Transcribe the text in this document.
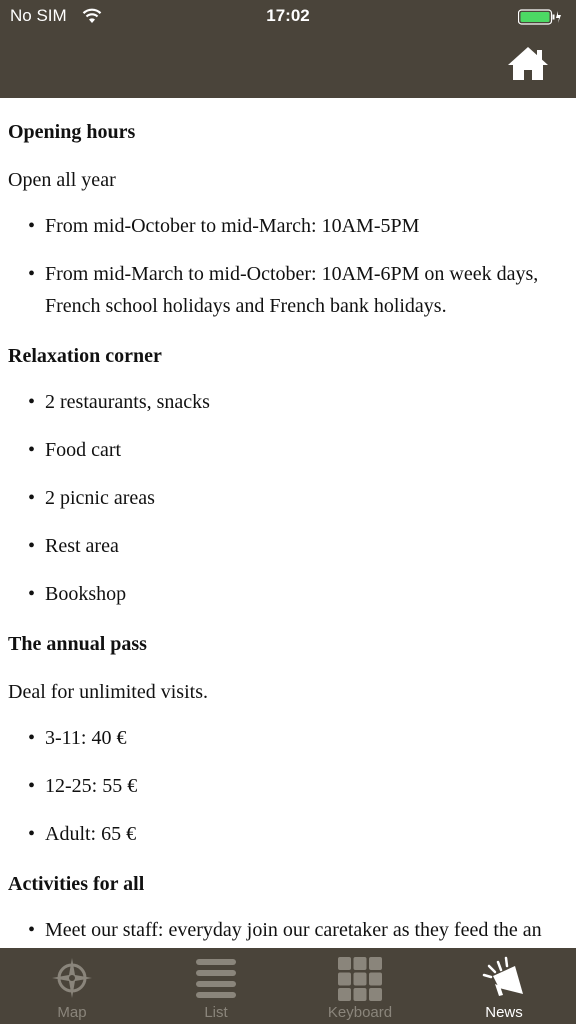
No SIM	17:02
Opening hours
Open all year
• From mid-October to mid-March: 10AM-5PM
• From mid-March to mid-October: 10AM-6PM on week days,
French school holidays and French bank holidays.
Relaxation corner
• 2 restaurants, snacks
• Food cart
• 2 picnic areas
• Rest area
• Bookshop
The annual pass
Deal for unlimited visits.
• 3-11: 40 €
• 12-25: 55 €
• Adult: 65 €
Activities for all
• Meet our staff: everyday join our caretaker as they feed the an
Map	List	Keyboard	News
